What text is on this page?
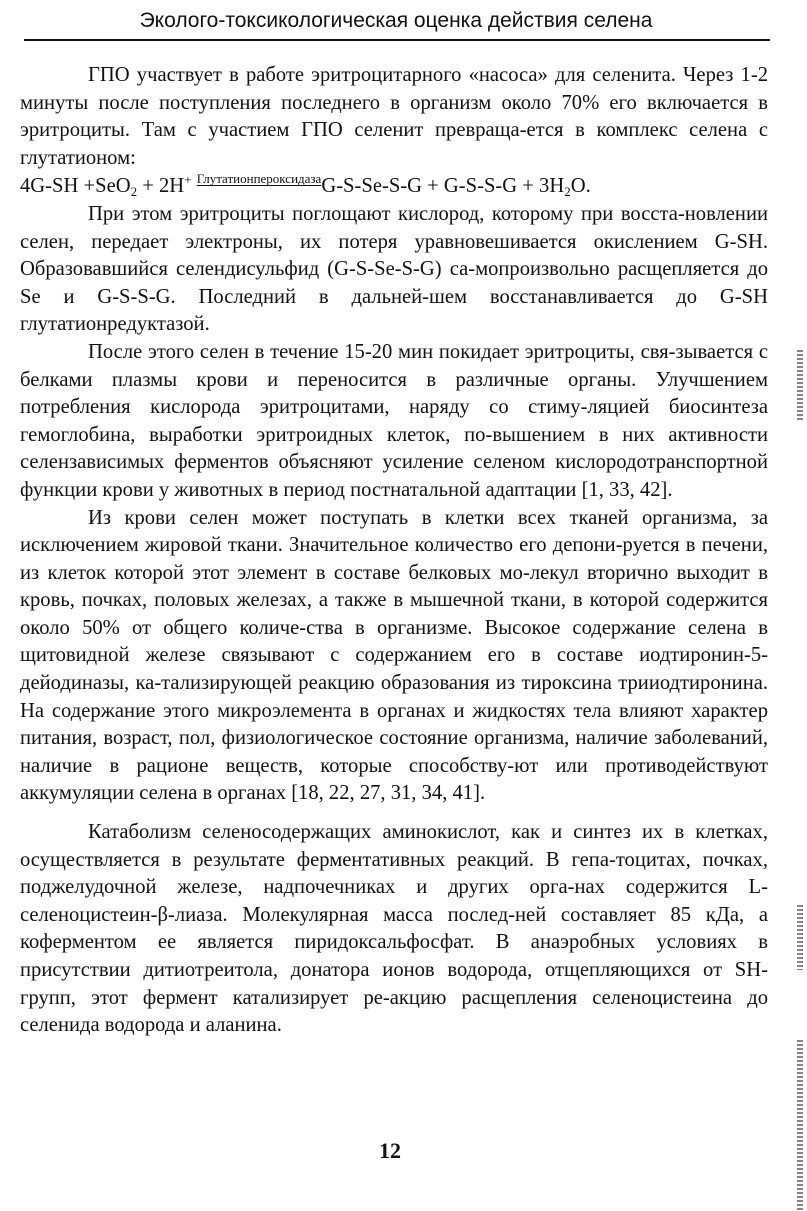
Эколого-токсикологическая оценка действия селена

ГПО участвует в работе эритроцитарного «насоса» для селенита. Через 1-2 минуты после поступления последнего в организм около 70% его включается в эритроциты. Там с участием ГПО селенит превраща-ется в комплекс селена с глутатионом:

4G-SH +SeO$_2$ + 2H+ ГлутатионпероксидазаG-S-Se-S-G + $G-S-S-G + 3H_2O$.

При этом эритроциты поглощают кислород, которому при восста-новлении селен, передает электроны, их потеря уравновешивается окислением G-SH. Образовавшийся селендисульфид (G-S-Se-S-G) са-мопроизвольно расщепляется до Se и G-S-S-G. Последний в дальней-шем восстанавливается до G-SH глутатионредуктазой.

После этого селен в течение 15-20 мин покидает эритроциты, свя-зывается с белками плазмы крови и переносится в различные органы. Улучшением потребления кислорода эритроцитами, наряду со стиму-ляцией биосинтеза гемоглобина, выработки эритроидных клеток, по-вышением в них активности селензависимых ферментов объясняют усиление селеном кислородотранспортной функции крови у животных в период постнатальной адаптации [1, 33, 42].

Из крови селен может поступать в клетки всех тканей организма, за исключением жировой ткани. Значительное количество его депони-руется в печени, из клеток которой этот элемент в составе белковых мо-лекул вторично выходит в кровь, почках, половых железах, а также в мышечной ткани, в которой содержится около 50% от общего количе-ства в организме. Высокое содержание селена в щитовидной железе связывают с содержанием его в составе иодтиронин-5-дейодиназы, ка-тализирующей реакцию образования из тироксина трииодтиронина. На содержание этого микроэлемента в органах и жидкостях тела влияют характер питания, возраст, пол, физиологическое состояние организма, наличие заболеваний, наличие в рационе веществ, которые способству-ют или противодействуют аккумуляции селена в органах [18, 22, 27, 31, 34, 41].

Катаболизм селеносодержащих аминокислот, как и синтез их в клетках, осуществляется в результате ферментативных реакций. В гепа-тоцитах, почках, поджелудочной железе, надпочечниках и других орга-нах содержится L-селеноцистеин-β-лиаза. Молекулярная масса послед-ней составляет 85 кДа, а коферментом ее является пиридоксальфосфат. В анаэробных условиях в присутствии дитиотреитола, донатора ионов водорода, отщепляющихся от SH-групп, этот фермент катализирует ре-акцию расщепления селеноцистеина до селенида водорода и аланина.

12
